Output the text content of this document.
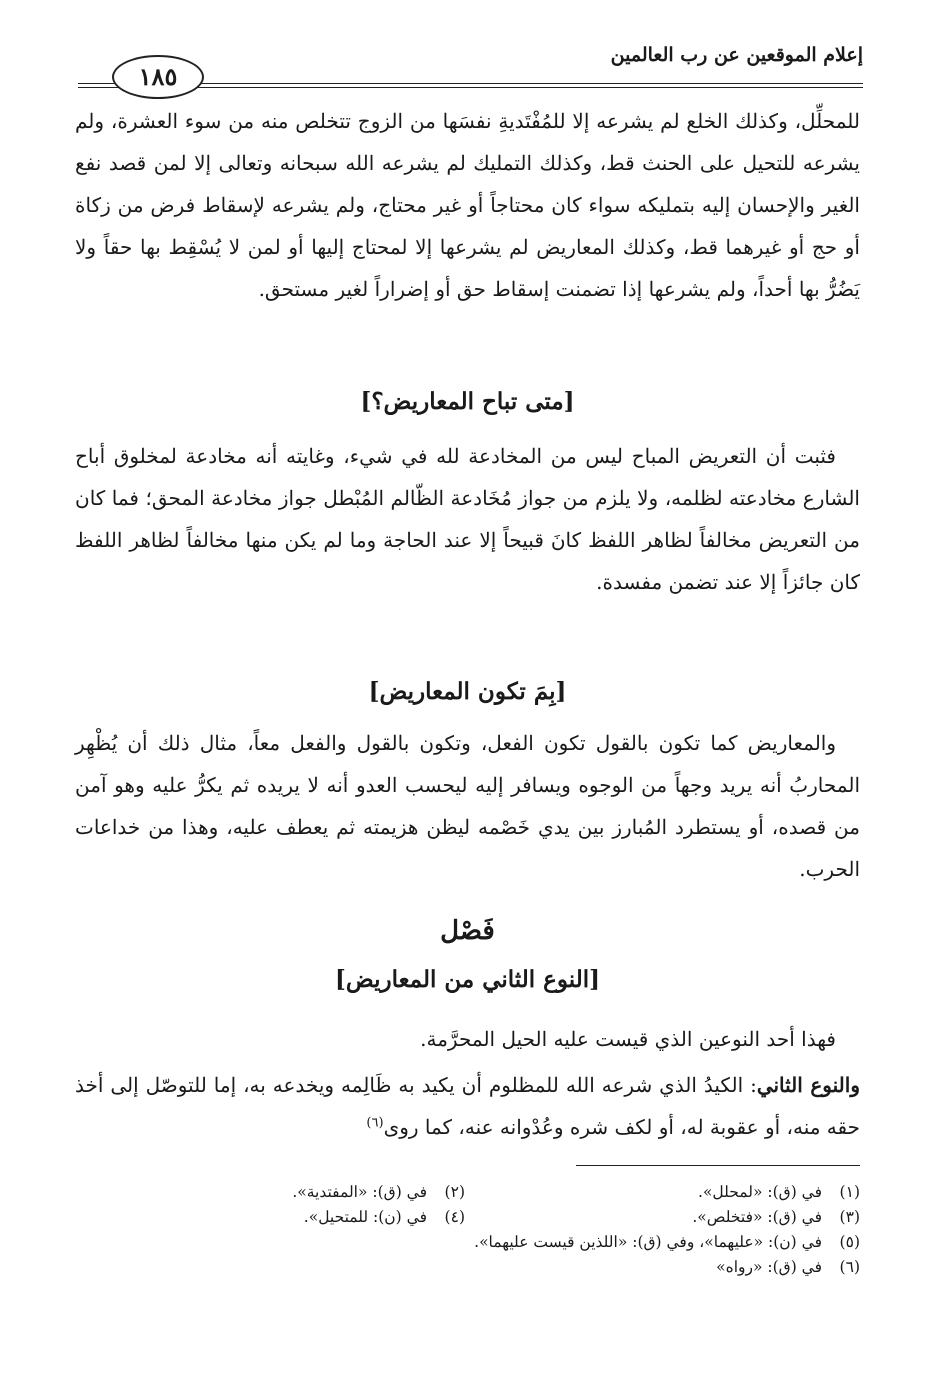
إعلام الموقعين عن رب العالمين
١٨٥

للمحلِّل، وكذلك الخلع لم يشرعه إلا للمُفْتَديةِ نفسَها من الزوج تتخلص منه من سوء العشرة، ولم يشرعه للتحيل على الحنث قط، وكذلك التمليك لم يشرعه الله سبحانه وتعالى إلا لمن قصد نفع الغير والإحسان إليه بتمليكه سواء كان محتاجاً أو غير محتاج، ولم يشرعه لإسقاط فرض من زكاة أو حج أو غيرهما قط، وكذلك المعاريض لم يشرعها إلا لمحتاج إليها أو لمن لا يُسْقِط بها حقاً ولا يَضُرُّ بها أحداً، ولم يشرعها إذا تضمنت إسقاط حق أو إضراراً لغير مستحق.

[متى تباح المعاريض؟]

فثبت أن التعريض المباح ليس من المخادعة لله في شيء، وغايته أنه مخادعة لمخلوق أباح الشارع مخادعته لظلمه، ولا يلزم من جواز مُخَادعة الظّالم المُبْطل جواز مخادعة المحق؛ فما كان من التعريض مخالفاً لظاهر اللفظ كانَ قبيحاً إلا عند الحاجة وما لم يكن منها مخالفاً لظاهر اللفظ كان جائزاً إلا عند تضمن مفسدة.

[بِمَ تكون المعاريض]

والمعاريض كما تكون بالقول تكون الفعل، وتكون بالقول والفعل معاً، مثال ذلك أن يُظْهِر المحاربُ أنه يريد وجهاً من الوجوه ويسافر إليه ليحسب العدو أنه لا يريده ثم يكرُّ عليه وهو آمن من قصده، أو يستطرد المُبارز بين يدي خَصْمه ليظن هزيمته ثم يعطف عليه، وهذا من خداعات الحرب.

فَصْل
[النوع الثاني من المعاريض]

فهذا أحد النوعين الذي قيست عليه الحيل المحرَّمة.

والنوع الثاني: الكيدُ الذي شرعه الله للمظلوم أن يكيد به ظَالِمه ويخدعه به، إما للتوصّل إلى أخذ حقه منه، أو عقوبة له، أو لكف شره وعُدْوانه عنه، كما روى$^{(٦)}$

(١)في (ق): «لمحلل».(٢)في (ق): «المفتدية».
(٣)في (ق): «فتخلص».(٤)في (ن): للمتحيل».
(٥)في (ن): «عليهما»، وفي (ق): «اللذين قيست عليهما».
(٦)في (ق): «رواه»
